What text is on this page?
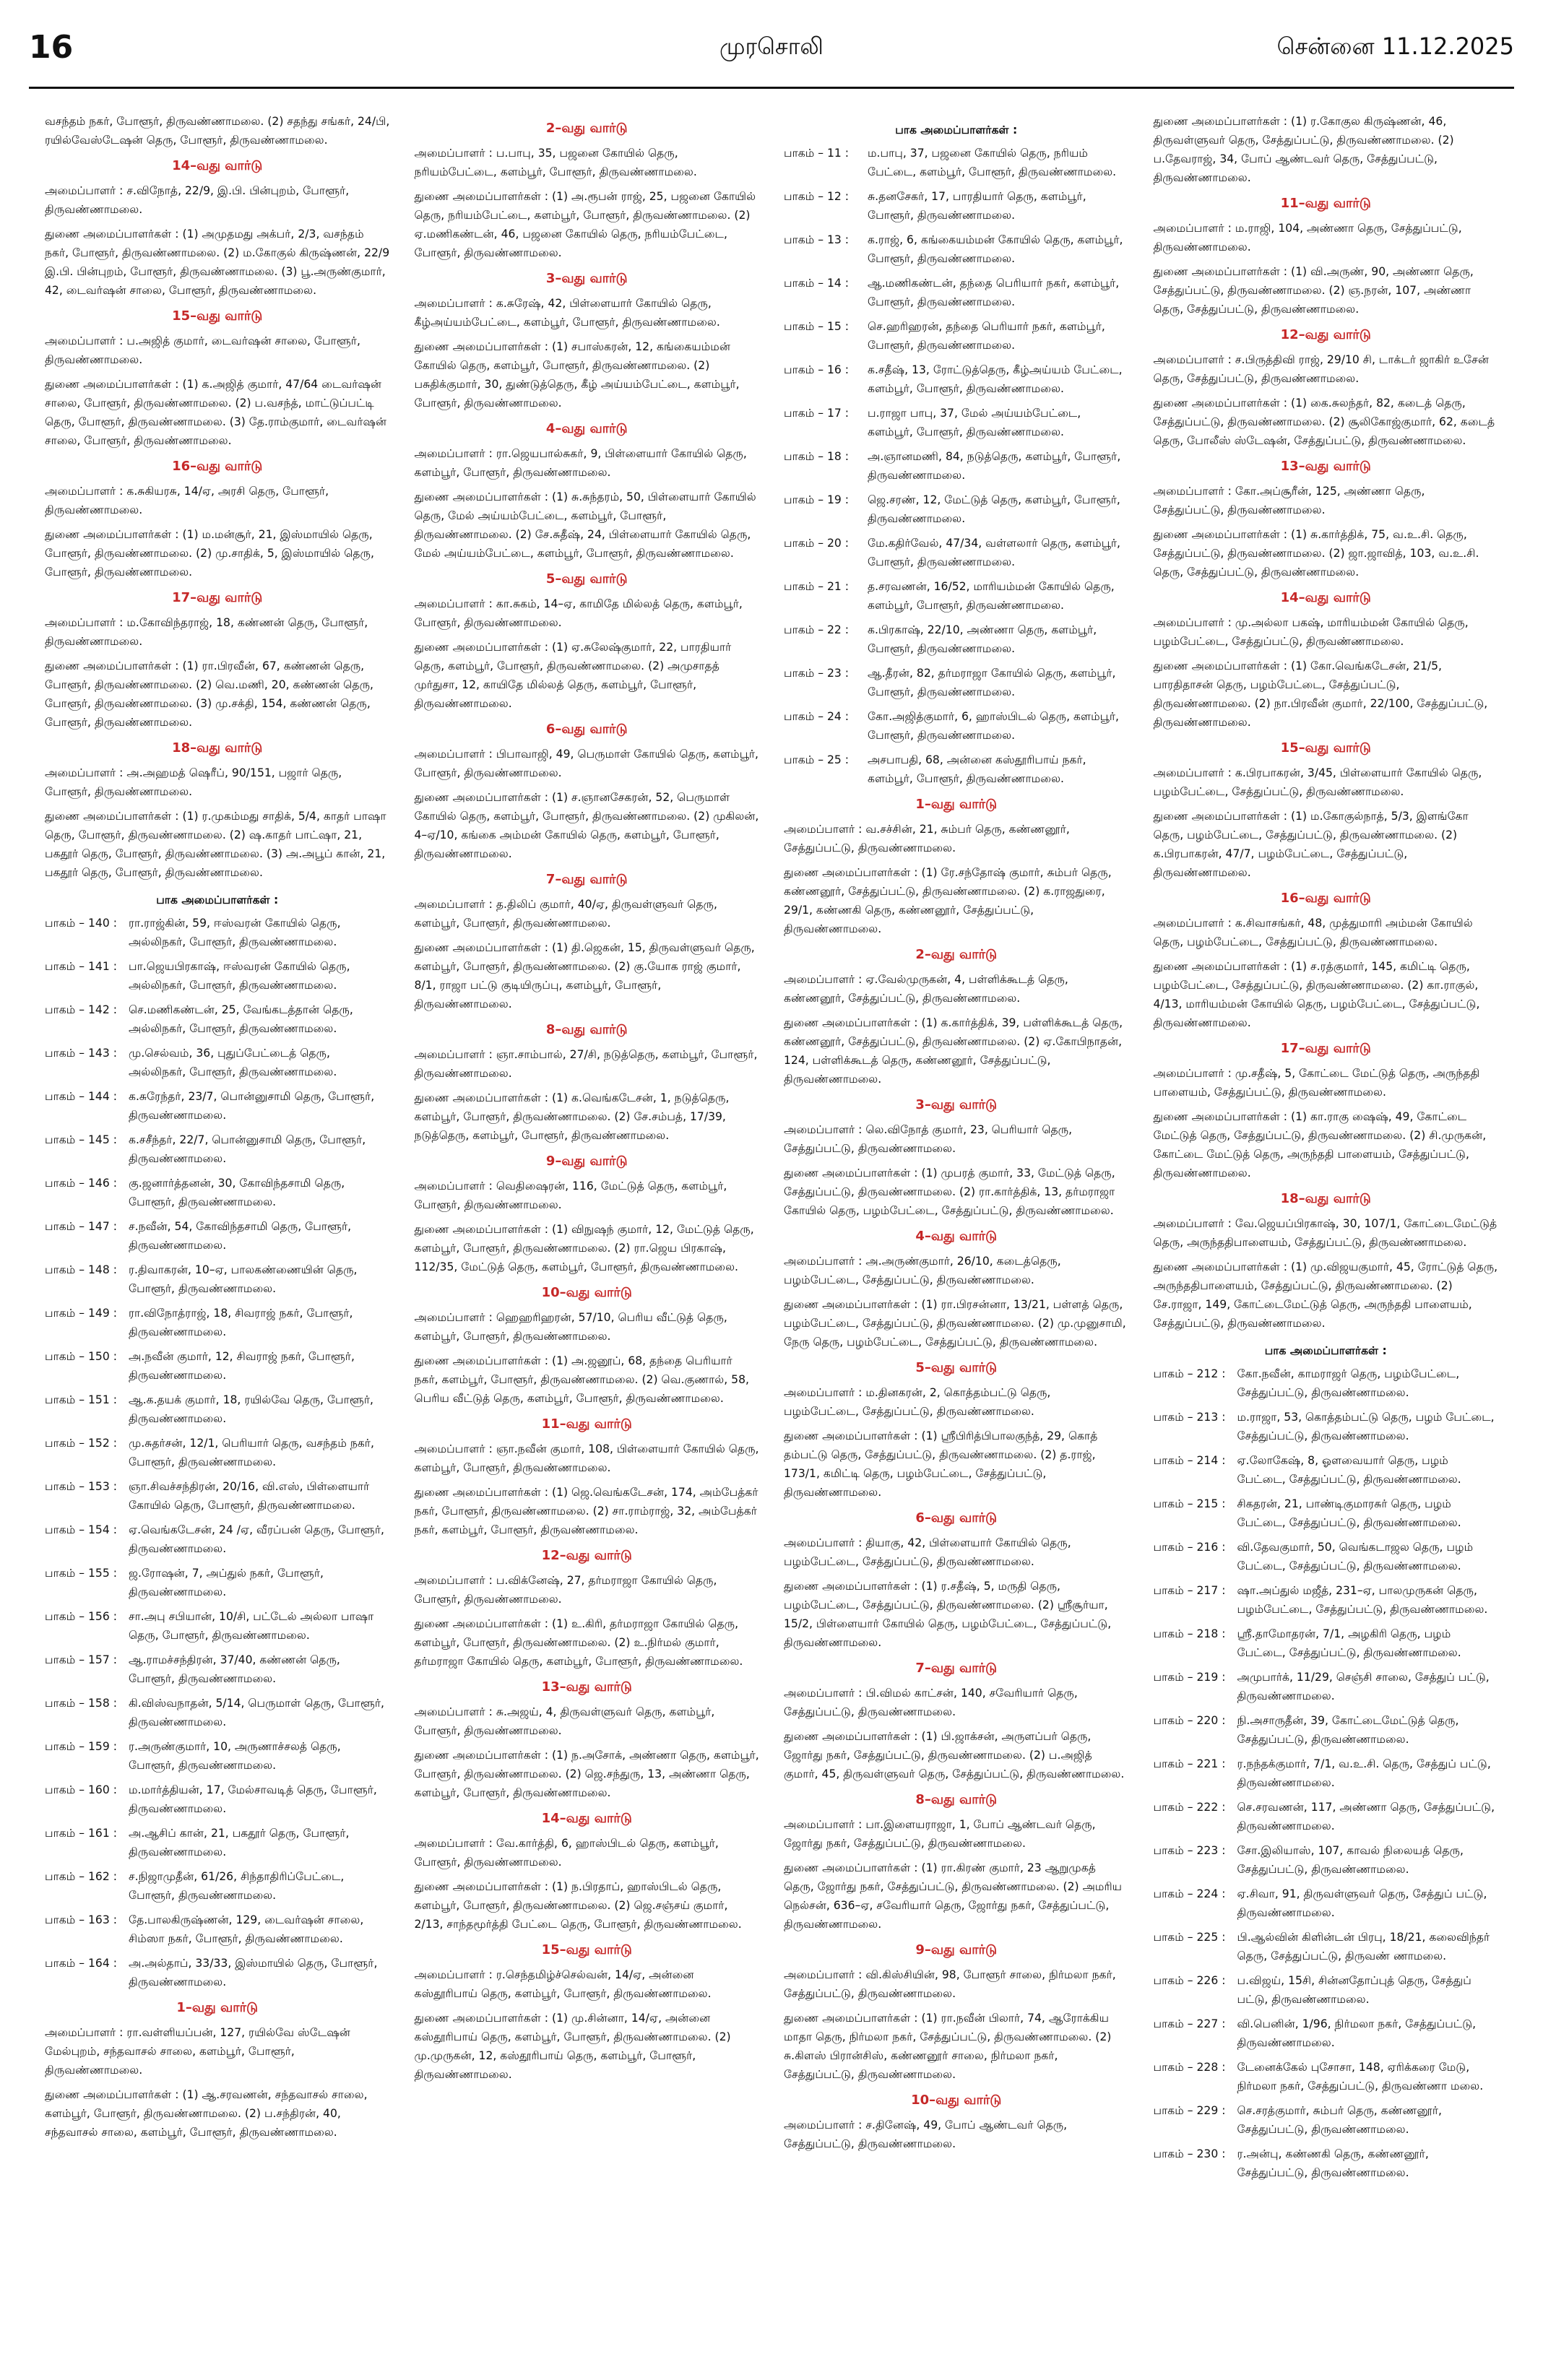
16	முரசொலி	சென்னை 11.12.2025

வசந்தம் நகர், போளூர், திருவண்ணாமலை. (2) சதந்து சங்கர், 24/பி, ரயில்வேஸ்டேஷன் தெரு, போளூர், திருவண்ணாமலை.

14–வது வார்டு

அமைப்பாளர் : ச.விநோத், 22/9, இ.பி. பின்புறம், போளூர், திருவண்ணாமலை.

துணை அமைப்பாளர்கள் : (1) அமுதமது அக்பர், 2/3, வசந்தம் நகர், போளூர், திருவண்ணாமலை. (2) ம.கோகுல் கிருஷ்ணன், 22/9 இ.பி. பின்புறம், போளூர், திருவண்ணாமலை. (3) பூ.அருண்குமார், 42, டைவர்ஷன் சாலை, போளூர், திருவண்ணாமலை.

15–வது வார்டு

அமைப்பாளர் : ப.அஜித் குமார், டைவர்ஷன் சாலை, போளூர், திருவண்ணாமலை.

துணை அமைப்பாளர்கள் : (1) க.அஜித் குமார், 47/64 டைவர்ஷன் சாலை, போளூர், திருவண்ணாமலை. (2) ப.வசந்த், மாட்டுப்பட்டி தெரு, போளூர், திருவண்ணாமலை. (3) தே.ராம்குமார், டைவர்ஷன் சாலை, போளூர், திருவண்ணாமலை.

16–வது வார்டு

அமைப்பாளர் : க.சுகியரசு, 14/ஏ, அரசி தெரு, போளூர், திருவண்ணாமலை.

துணை அமைப்பாளர்கள் : (1) ம.மன்சூர், 21, இஸ்மாயில் தெரு, போளூர், திருவண்ணாமலை. (2) மு.சாதிக், 5, இஸ்மாயில் தெரு, போளூர், திருவண்ணாமலை.

17–வது வார்டு

அமைப்பாளர் : ம.கோவிந்தராஜ், 18, கண்ணன் தெரு, போளூர், திருவண்ணாமலை.

துணை அமைப்பாளர்கள் : (1) ரா.பிரவீன், 67, கண்ணன் தெரு, போளூர், திருவண்ணாமலை. (2) வெ.மணி, 20, கண்ணன் தெரு, போளூர், திருவண்ணாமலை. (3) மு.சக்தி, 154, கண்ணன் தெரு, போளூர், திருவண்ணாமலை.

18–வது வார்டு

அமைப்பாளர் : அ.அஹமத் ஷெரீப், 90/151, பஜார் தெரு, போளூர், திருவண்ணாமலை.

துணை அமைப்பாளர்கள் : (1) ர.முகம்மது சாதிக், 5/4, காதர் பாஷா தெரு, போளூர், திருவண்ணாமலை. (2) ஷ.காதர் பாட்ஷா, 21, பகதூர் தெரு, போளூர், திருவண்ணாமலை. (3) அ.அபூப் கான், 21, பகதூர் தெரு, போளூர், திருவண்ணாமலை.

பாக அமைப்பாளர்கள் :
பாகம் – 140 :	ரா.ராஜ்கின், 59, ஈஸ்வரன் கோயில் தெரு, அல்லிநகர், போளூர், திருவண்ணாமலை.
பாகம் – 141 :	பா.ஜெயபிரகாஷ், ஈஸ்வரன் கோயில் தெரு, அல்லிநகர், போளூர், திருவண்ணாமலை.
பாகம் – 142 :	செ.மணிகண்டன், 25, வேங்கடத்தான் தெரு, அல்லிநகர், போளூர், திருவண்ணாமலை.
பாகம் – 143 :	மு.செல்வம், 36, புதுப்பேட்டைத் தெரு, அல்லிநகர், போளூர், திருவண்ணாமலை.
பாகம் – 144 :	க.சுரேந்தர், 23/7, பொன்னுசாமி தெரு, போளூர், திருவண்ணாமலை.
பாகம் – 145 :	க.சசீந்தர், 22/7, பொன்னுசாமி தெரு, போளூர், திருவண்ணாமலை.
பாகம் – 146 :	கு.ஜனார்த்தனன், 30, கோவிந்தசாமி தெரு, போளூர், திருவண்ணாமலை.
பாகம் – 147 :	ச.நவீன், 54, கோவிந்தசாமி தெரு, போளூர், திருவண்ணாமலை.
பாகம் – 148 :	ர.திவாகரன், 10–ஏ, பாலகண்ணையின் தெரு, போளூர், திருவண்ணாமலை.
பாகம் – 149 :	ரா.விநோத்ராஜ், 18, சிவராஜ் நகர், போளூர், திருவண்ணாமலை.
பாகம் – 150 :	அ.நவீன் குமார், 12, சிவராஜ் நகர், போளூர், திருவண்ணாமலை.
பாகம் – 151 :	ஆ.க.தயக் குமார், 18, ரயில்வே தெரு, போளூர், திருவண்ணாமலை.
பாகம் – 152 :	மு.சுதர்சன், 12/1, பெரியார் தெரு, வசந்தம் நகர், போளூர், திருவண்ணாமலை.
பாகம் – 153 :	ஞா.சிவச்சந்திரன், 20/16, வி.எஸ், பிள்ளையார் கோயில் தெரு, போளூர், திருவண்ணாமலை.
பாகம் – 154 :	ஏ.வெங்கடேசன், 24 /ஏ, வீரப்பன் தெரு, போளூர், திருவண்ணாமலை.
பாகம் – 155 :	ஜ.ரோஷன், 7, அப்துல் நகர், போளூர், திருவண்ணாமலை.
பாகம் – 156 :	சா.அபு சபியான், 10/சி, பட்டேல் அல்லா பாஷா தெரு, போளூர், திருவண்ணாமலை.
பாகம் – 157 :	ஆ.ராமச்சந்திரன், 37/40, கண்ணன் தெரு, போளூர், திருவண்ணாமலை.
பாகம் – 158 :	கி.விஸ்வநாதன், 5/14, பெருமாள் தெரு, போளூர், திருவண்ணாமலை.
பாகம் – 159 :	ர.அருண்குமார், 10, அருணாச்சலத் தெரு, போளூர், திருவண்ணாமலை.
பாகம் – 160 :	ம.மார்த்தியன், 17, மேல்சாவடித் தெரு, போளூர், திருவண்ணாமலை.
பாகம் – 161 :	அ.ஆசிப் கான், 21, பகதூர் தெரு, போளூர், திருவண்ணாமலை.
பாகம் – 162 :	ச.நிஜாமுதீன், 61/26, சிந்தாதிரிப்பேட்டை, போளூர், திருவண்ணாமலை.
பாகம் – 163 :	தே.பாலகிருஷ்ணன், 129, டைவர்ஷன் சாலை, சிம்ஸா நகர், போளூர், திருவண்ணாமலை.
பாகம் – 164 :	அ.அல்தாப், 33/33, இஸ்மாயில் தெரு, போளூர், திருவண்ணாமலை.
1–வது வார்டு

அமைப்பாளர் : ரா.வள்ளியப்பன், 127, ரயில்வே ஸ்டேஷன் மேல்புறம், சந்தவாசல் சாலை, களம்பூர், போளூர், திருவண்ணாமலை.

துணை அமைப்பாளர்கள் : (1) ஆ.சரவணன், சந்தவாசல் சாலை, களம்பூர், போளூர், திருவண்ணாமலை. (2) ப.சந்திரன், 40, சந்தவாசல் சாலை, களம்பூர், போளூர், திருவண்ணாமலை.

2–வது வார்டு

அமைப்பாளர் : ப.பாபு, 35, பஜனை கோயில் தெரு, நரியம்பேட்டை, களம்பூர், போளூர், திருவண்ணாமலை.

துணை அமைப்பாளர்கள் : (1) அ.ரூபன் ராஜ், 25, பஜனை கோயில் தெரு, நரியம்பேட்டை, களம்பூர், போளூர், திருவண்ணாமலை. (2) ஏ.மணிகண்டன், 46, பஜனை கோயில் தெரு, நரியம்பேட்டை, போளூர், திருவண்ணாமலை.

3–வது வார்டு

அமைப்பாளர் : க.சுரேஷ், 42, பிள்ளையார் கோயில் தெரு, கீழ்அய்யம்பேட்டை, களம்பூர், போளூர், திருவண்ணாமலை.

துணை அமைப்பாளர்கள் : (1) சபாஸ்கரன், 12, கங்கையம்மன் கோயில் தெரு, களம்பூர், போளூர், திருவண்ணாமலை. (2) பசுதிக்குமார், 30, துண்டுத்தெரு, கீழ் அய்யம்பேட்டை, களம்பூர், போளூர், திருவண்ணாமலை.

4–வது வார்டு

அமைப்பாளர் : ரா.ஜெயபால்சுகர், 9, பிள்ளையார் கோயில் தெரு, களம்பூர், போளூர், திருவண்ணாமலை.

துணை அமைப்பாளர்கள் : (1) சு.சுந்தரம், 50, பிள்ளையார் கோயில் தெரு, மேல் அய்யம்பேட்டை, களம்பூர், போளூர், திருவண்ணாமலை. (2) சே.சுதீஷ், 24, பிள்ளையார் கோயில் தெரு, மேல் அய்யம்பேட்டை, களம்பூர், போளூர், திருவண்ணாமலை.

5–வது வார்டு

அமைப்பாளர் : கா.சுகம், 14–ஏ, காமிதே மில்லத் தெரு, களம்பூர், போளூர், திருவண்ணாமலை.

துணை அமைப்பாளர்கள் : (1) ஏ.சுலேஷ்குமார், 22, பாரதியார் தெரு, களம்பூர், போளூர், திருவண்ணாமலை. (2) அமுசாதத் முர்துசா, 12, காயிதே மில்லத் தெரு, களம்பூர், போளூர், திருவண்ணாமலை.

6–வது வார்டு

அமைப்பாளர் : பிபாவாஜி, 49, பெருமாள் கோயில் தெரு, களம்பூர், போளூர், திருவண்ணாமலை.

துணை அமைப்பாளர்கள் : (1) ச.ஞானசேகரன், 52, பெருமாள் கோயில் தெரு, களம்பூர், போளூர், திருவண்ணாமலை. (2) முகிலன், 4–ஏ/10, கங்கை அம்மன் கோயில் தெரு, களம்பூர், போளூர், திருவண்ணாமலை.

7–வது வார்டு

அமைப்பாளர் : த.திலிப் குமார், 40/ஏ, திருவள்ளுவர் தெரு, களம்பூர், போளூர், திருவண்ணாமலை.

துணை அமைப்பாளர்கள் : (1) தி.ஜெகன், 15, திருவள்ளுவர் தெரு, களம்பூர், போளூர், திருவண்ணாமலை. (2) கு.யோக ராஜ் குமார், 8/1, ராஜா பட்டு குடியிருப்பு, களம்பூர், போளூர், திருவண்ணாமலை.

8–வது வார்டு

அமைப்பாளர் : ஞா.சாம்பால், 27/சி, நடுத்தெரு, களம்பூர், போளூர், திருவண்ணாமலை.

துணை அமைப்பாளர்கள் : (1) க.வெங்கடேசன், 1, நடுத்தெரு, களம்பூர், போளூர், திருவண்ணாமலை. (2) சே.சம்பத், 17/39, நடுத்தெரு, களம்பூர், போளூர், திருவண்ணாமலை.

9–வது வார்டு

அமைப்பாளர் : வெதிஷைரன், 116, மேட்டுத் தெரு, களம்பூர், போளூர், திருவண்ணாமலை.

துணை அமைப்பாளர்கள் : (1) விநுஷந் குமார், 12, மேட்டுத் தெரு, களம்பூர், போளூர், திருவண்ணாமலை. (2) ரா.ஜெய பிரகாஷ், 112/35, மேட்டுத் தெரு, களம்பூர், போளூர், திருவண்ணாமலை.

10–வது வார்டு

அமைப்பாளர் : ஹெஹரிஹரன், 57/10, பெரிய வீட்டுத் தெரு, களம்பூர், போளூர், திருவண்ணாமலை.

துணை அமைப்பாளர்கள் : (1) அ.ஜனூப், 68, தந்தை பெரியார் நகர், களம்பூர், போளூர், திருவண்ணாமலை. (2) வெ.குணால், 58, பெரிய வீட்டுத் தெரு, களம்பூர், போளூர், திருவண்ணாமலை.

11–வது வார்டு

அமைப்பாளர் : ஞா.நவீன் குமார், 108, பிள்ளையார் கோயில் தெரு, களம்பூர், போளூர், திருவண்ணாமலை.

துணை அமைப்பாளர்கள் : (1) ஜெ.வெங்கடேசன், 174, அம்பேத்கர் நகர், போளூர், திருவண்ணாமலை. (2) சா.ராம்ராஜ், 32, அம்பேத்கர் நகர், களம்பூர், போளூர், திருவண்ணாமலை.

12–வது வார்டு

அமைப்பாளர் : ப.விக்னேஷ், 27, தர்மராஜா கோயில் தெரு, போளூர், திருவண்ணாமலை.

துணை அமைப்பாளர்கள் : (1) உ.கிரி, தர்மராஜா கோயில் தெரு, களம்பூர், போளூர், திருவண்ணாமலை. (2) உ.நிர்மல் குமார், தர்மராஜா கோயில் தெரு, களம்பூர், போளூர், திருவண்ணாமலை.

13–வது வார்டு

அமைப்பாளர் : சு.அஜய், 4, திருவள்ளுவர் தெரு, களம்பூர், போளூர், திருவண்ணாமலை.

துணை அமைப்பாளர்கள் : (1) ந.அசோக், அண்ணா தெரு, களம்பூர், போளூர், திருவண்ணாமலை. (2) ஜெ.சந்துரு, 13, அண்ணா தெரு, களம்பூர், போளூர், திருவண்ணாமலை.

14–வது வார்டு

அமைப்பாளர் : வே.கார்த்தி, 6, ஹாஸ்பிடல் தெரு, களம்பூர், போளூர், திருவண்ணாமலை.

துணை அமைப்பாளர்கள் : (1) ந.பிரதாப், ஹாஸ்பிடல் தெரு, களம்பூர், போளூர், திருவண்ணாமலை. (2) ஜெ.சஞ்சய் குமார், 2/13, சாந்தமூர்த்தி பேட்டை தெரு, போளூர், திருவண்ணாமலை.

15–வது வார்டு

அமைப்பாளர் : ர.செந்தமிழ்ச்செல்வன், 14/ஏ, அன்னை கஸ்தூரிபாய் தெரு, களம்பூர், போளூர், திருவண்ணாமலை.

துணை அமைப்பாளர்கள் : (1) மு.சின்னா, 14/ஏ, அன்னை கஸ்தூரிபாய் தெரு, களம்பூர், போளூர், திருவண்ணாமலை. (2) மு.முருகன், 12, கஸ்தூரிபாய் தெரு, களம்பூர், போளூர், திருவண்ணாமலை.

பாக அமைப்பாளர்கள் :
பாகம் – 11 :	ம.பாபு, 37, பஜனை கோயில் தெரு, நரியம் பேட்டை, களம்பூர், போளூர், திருவண்ணாமலை.
பாகம் – 12 :	சு.தனசேகர், 17, பாரதியார் தெரு, களம்பூர், போளூர், திருவண்ணாமலை.
பாகம் – 13 :	க.ராஜ், 6, கங்கையம்மன் கோயில் தெரு, களம்பூர், போளூர், திருவண்ணாமலை.
பாகம் – 14 :	ஆ.மணிகண்டன், தந்தை பெரியார் நகர், களம்பூர், போளூர், திருவண்ணாமலை.
பாகம் – 15 :	செ.ஹரிஹரன், தந்தை பெரியார் நகர், களம்பூர், போளூர், திருவண்ணாமலை.
பாகம் – 16 :	க.சதீஷ், 13, ரோட்டுத்தெரு, கீழ்அய்யம் பேட்டை, களம்பூர், போளூர், திருவண்ணாமலை.
பாகம் – 17 :	ப.ராஜா பாபு, 37, மேல் அய்யம்பேட்டை, களம்பூர், போளூர், திருவண்ணாமலை.
பாகம் – 18 :	அ.ஞானமணி, 84, நடுத்தெரு, களம்பூர், போளூர், திருவண்ணாமலை.
பாகம் – 19 :	ஜெ.சரண், 12, மேட்டுத் தெரு, களம்பூர், போளூர், திருவண்ணாமலை.
பாகம் – 20 :	மே.கதிர்வேல், 47/34, வள்ளலார் தெரு, களம்பூர், போளூர், திருவண்ணாமலை.
பாகம் – 21 :	த.சரவணன், 16/52, மாரியம்மன் கோயில் தெரு, களம்பூர், போளூர், திருவண்ணாமலை.
பாகம் – 22 :	க.பிரகாஷ், 22/10, அண்ணா தெரு, களம்பூர், போளூர், திருவண்ணாமலை.
பாகம் – 23 :	ஆ.தீரன், 82, தர்மராஜா கோயில் தெரு, களம்பூர், போளூர், திருவண்ணாமலை.
பாகம் – 24 :	கோ.அஜித்குமார், 6, ஹாஸ்பிடல் தெரு, களம்பூர், போளூர், திருவண்ணாமலை.
பாகம் – 25 :	அசபாபதி, 68, அன்னை கஸ்தூரிபாய் நகர், களம்பூர், போளூர், திருவண்ணாமலை.
1–வது வார்டு

அமைப்பாளர் : வ.சச்சின், 21, சும்பர் தெரு, கண்ணனூர், சேத்துப்பட்டு, திருவண்ணாமலை.

துணை அமைப்பாளர்கள் : (1) ரே.சந்தோஷ் குமார், சும்பர் தெரு, கண்ணனூர், சேத்துப்பட்டு, திருவண்ணாமலை. (2) க.ராஜதுரை, 29/1, கண்ணகி தெரு, கண்ணனூர், சேத்துப்பட்டு, திருவண்ணாமலை.

2–வது வார்டு

அமைப்பாளர் : ஏ.வேல்முருகன், 4, பள்ளிக்கூடத் தெரு, கண்ணனூர், சேத்துப்பட்டு, திருவண்ணாமலை.

துணை அமைப்பாளர்கள் : (1) க.கார்த்திக், 39, பள்ளிக்கூடத் தெரு, கண்ணனூர், சேத்துப்பட்டு, திருவண்ணாமலை. (2) ஏ.கோபிநாதன், 124, பள்ளிக்கூடத் தெரு, கண்ணனூர், சேத்துப்பட்டு, திருவண்ணாமலை.

3–வது வார்டு

அமைப்பாளர் : லெ.விநோத் குமார், 23, பெரியார் தெரு, சேத்துப்பட்டு, திருவண்ணாமலை.

துணை அமைப்பாளர்கள் : (1) முபரத் குமார், 33, மேட்டுத் தெரு, சேத்துப்பட்டு, திருவண்ணாமலை. (2) ரா.கார்த்திக், 13, தர்மராஜா கோயில் தெரு, பழம்பேட்டை, சேத்துப்பட்டு, திருவண்ணாமலை.

4–வது வார்டு

அமைப்பாளர் : அ.அருண்குமார், 26/10, கடைத்தெரு, பழம்பேட்டை, சேத்துப்பட்டு, திருவண்ணாமலை.

துணை அமைப்பாளர்கள் : (1) ரா.பிரசன்னா, 13/21, பள்ளத் தெரு, பழம்பேட்டை, சேத்துப்பட்டு, திருவண்ணாமலை. (2) மு.முனுசாமி, நேரு தெரு, பழம்பேட்டை, சேத்துப்பட்டு, திருவண்ணாமலை.

5–வது வார்டு

அமைப்பாளர் : ம.தினகரன், 2, கொத்தம்பட்டு தெரு, பழம்பேட்டை, சேத்துப்பட்டு, திருவண்ணாமலை.

துணை அமைப்பாளர்கள் : (1) ஸ்ரீபிரித்பிபாலகுந்த், 29, கொத் தம்பட்டு தெரு, சேத்துப்பட்டு, திருவண்ணாமலை. (2) த.ராஜ், 173/1, கமிட்டி தெரு, பழம்பேட்டை, சேத்துப்பட்டு, திருவண்ணாமலை.

6–வது வார்டு

அமைப்பாளர் : தியாகு, 42, பிள்ளையார் கோயில் தெரு, பழம்பேட்டை, சேத்துப்பட்டு, திருவண்ணாமலை.

துணை அமைப்பாளர்கள் : (1) ர.சதீஷ், 5, மருதி தெரு, பழம்பேட்டை, சேத்துப்பட்டு, திருவண்ணாமலை. (2) ஸ்ரீசூர்யா, 15/2, பிள்ளையார் கோயில் தெரு, பழம்பேட்டை, சேத்துப்பட்டு, திருவண்ணாமலை.

7–வது வார்டு

அமைப்பாளர் : பி.விமல் காட்சன், 140, சவேரியார் தெரு, சேத்துப்பட்டு, திருவண்ணாமலை.

துணை அமைப்பாளர்கள் : (1) பி.ஜாக்சன், அருளப்பர் தெரு, ஜோர்து நகர், சேத்துப்பட்டு, திருவண்ணாமலை. (2) ப.அஜித் குமார், 45, திருவள்ளுவர் தெரு, சேத்துப்பட்டு, திருவண்ணாமலை.

8–வது வார்டு

அமைப்பாளர் : பா.இளையராஜா, 1, போப் ஆண்டவர் தெரு, ஜோர்து நகர், சேத்துப்பட்டு, திருவண்ணாமலை.

துணை அமைப்பாளர்கள் : (1) ரா.கிரண் குமார், 23 ஆறுமுகத் தெரு, ஜோர்து நகர், சேத்துப்பட்டு, திருவண்ணாமலை. (2) அமரிய நெல்சன், 636–ஏ, சவேரியார் தெரு, ஜோர்து நகர், சேத்துப்பட்டு, திருவண்ணாமலை.

9–வது வார்டு

அமைப்பாளர் : வி.கிஸ்சியின், 98, போளூர் சாலை, நிர்மலா நகர், சேத்துப்பட்டு, திருவண்ணாமலை.

துணை அமைப்பாளர்கள் : (1) ரா.நவீன் பிலார், 74, ஆரோக்கிய மாதா தெரு, நிர்மலா நகர், சேத்துப்பட்டு, திருவண்ணாமலை. (2) சு.கிளஸ் பிரான்சிஸ், கண்ணனூர் சாலை, நிர்மலா நகர், சேத்துப்பட்டு, திருவண்ணாமலை.

10–வது வார்டு

அமைப்பாளர் : ச.தினேஷ், 49, போப் ஆண்டவர் தெரு, சேத்துப்பட்டு, திருவண்ணாமலை.

துணை அமைப்பாளர்கள் : (1) ர.கோகுல கிருஷ்ணன், 46, திருவள்ளுவர் தெரு, சேத்துப்பட்டு, திருவண்ணாமலை. (2) ப.தேவராஜ், 34, போப் ஆண்டவர் தெரு, சேத்துப்பட்டு, திருவண்ணாமலை.

11–வது வார்டு

அமைப்பாளர் : ம.ராஜி, 104, அண்ணா தெரு, சேத்துப்பட்டு, திருவண்ணாமலை.

துணை அமைப்பாளர்கள் : (1) வி.அருண், 90, அண்ணா தெரு, சேத்துப்பட்டு, திருவண்ணாமலை. (2) ஞ.நரன், 107, அண்ணா தெரு, சேத்துப்பட்டு, திருவண்ணாமலை.

12–வது வார்டு

அமைப்பாளர் : ச.பிருத்திவி ராஜ், 29/10 சி, டாக்டர் ஜாகிர் உசேன் தெரு, சேத்துப்பட்டு, திருவண்ணாமலை.

துணை அமைப்பாளர்கள் : (1) கை.சுலந்தர், 82, கடைத் தெரு, சேத்துப்பட்டு, திருவண்ணாமலை. (2) சூலிகோஜ்குமார், 62, கடைத் தெரு, போலீஸ் ஸ்டேஷன், சேத்துப்பட்டு, திருவண்ணாமலை.

13–வது வார்டு

அமைப்பாளர் : கோ.அப்சூரீன், 125, அண்ணா தெரு, சேத்துப்பட்டு, திருவண்ணாமலை.

துணை அமைப்பாளர்கள் : (1) சு.கார்த்திக், 75, வ.உ.சி. தெரு, சேத்துப்பட்டு, திருவண்ணாமலை. (2) ஜா.ஜாவித், 103, வ.உ.சி. தெரு, சேத்துப்பட்டு, திருவண்ணாமலை.

14–வது வார்டு

அமைப்பாளர் : மு.அல்லா பகஷ், மாரியம்மன் கோயில் தெரு, பழம்பேட்டை, சேத்துப்பட்டு, திருவண்ணாமலை.

துணை அமைப்பாளர்கள் : (1) கோ.வெங்கடேசன், 21/5, பாரதிதாசன் தெரு, பழம்பேட்டை, சேத்துப்பட்டு, திருவண்ணாமலை. (2) நா.பிரவீன் குமார், 22/100, சேத்துப்பட்டு, திருவண்ணாமலை.

15–வது வார்டு

அமைப்பாளர் : க.பிரபாகரன், 3/45, பிள்ளையார் கோயில் தெரு, பழம்பேட்டை, சேத்துப்பட்டு, திருவண்ணாமலை.

துணை அமைப்பாளர்கள் : (1) ம.கோகுல்நாத், 5/3, இளங்கோ தெரு, பழம்பேட்டை, சேத்துப்பட்டு, திருவண்ணாமலை. (2) க.பிரபாகரன், 47/7, பழம்பேட்டை, சேத்துப்பட்டு, திருவண்ணாமலை.

16–வது வார்டு

அமைப்பாளர் : க.சிவாசங்கர், 48, முத்துமாரி அம்மன் கோயில் தெரு, பழம்பேட்டை, சேத்துப்பட்டு, திருவண்ணாமலை.

துணை அமைப்பாளர்கள் : (1) ச.ரத்குமார், 145, கமிட்டி தெரு, பழம்பேட்டை, சேத்துப்பட்டு, திருவண்ணாமலை. (2) கா.ராகுல், 4/13, மாரியம்மன் கோயில் தெரு, பழம்பேட்டை, சேத்துப்பட்டு, திருவண்ணாமலை.

17–வது வார்டு

அமைப்பாளர் : மு.சதீஷ், 5, கோட்டை மேட்டுத் தெரு, அருந்ததி பாளையம், சேத்துப்பட்டு, திருவண்ணாமலை.

துணை அமைப்பாளர்கள் : (1) கா.ராகு ஷைஷ், 49, கோட்டை மேட்டுத் தெரு, சேத்துப்பட்டு, திருவண்ணாமலை. (2) சி.முருகன், கோட்டை மேட்டுத் தெரு, அருந்ததி பாளையம், சேத்துப்பட்டு, திருவண்ணாமலை.

18–வது வார்டு

அமைப்பாளர் : வே.ஜெயப்பிரகாஷ், 30, 107/1, கோட்டைமேட்டுத் தெரு, அருந்ததிபாளையம், சேத்துப்பட்டு, திருவண்ணாமலை.

துணை அமைப்பாளர்கள் : (1) மு.விஜயகுமார், 45, ரோட்டுத் தெரு, அருந்ததிபாளையம், சேத்துப்பட்டு, திருவண்ணாமலை. (2) சே.ராஜா, 149, கோட்டைமேட்டுத் தெரு, அருந்ததி பாளையம், சேத்துப்பட்டு, திருவண்ணாமலை.

பாக அமைப்பாளர்கள் :
பாகம் – 212 :	கோ.நவீன், காமராஜர் தெரு, பழம்பேட்டை, சேத்துப்பட்டு, திருவண்ணாமலை.
பாகம் – 213 :	ம.ராஜா, 53, கொத்தம்பட்டு தெரு, பழம் பேட்டை, சேத்துப்பட்டு, திருவண்ணாமலை.
பாகம் – 214 :	ஏ.லோகேஷ், 8, ஓளவையார் தெரு, பழம் பேட்டை, சேத்துப்பட்டு, திருவண்ணாமலை.
பாகம் – 215 :	சிகதரன், 21, பாண்டிகுமாரசுர் தெரு, பழம் பேட்டை, சேத்துப்பட்டு, திருவண்ணாமலை.
பாகம் – 216 :	வி.தேவகுமார், 50, வெங்கடாஜல தெரு, பழம் பேட்டை, சேத்துப்பட்டு, திருவண்ணாமலை.
பாகம் – 217 :	ஷா.அப்துல் மஜீத், 231–ஏ, பாலமுருகன் தெரு, பழம்பேட்டை, சேத்துப்பட்டு, திருவண்ணாமலை.
பாகம் – 218 :	ஸ்ரீ.தாமோதரன், 7/1, அழகிரி தெரு, பழம் பேட்டை, சேத்துப்பட்டு, திருவண்ணாமலை.
பாகம் – 219 :	அமுபார்க், 11/29, செஞ்சி சாலை, சேத்துப் பட்டு, திருவண்ணாமலை.
பாகம் – 220 :	நி.அசாருதீன், 39, கோட்டைமேட்டுத் தெரு, சேத்துப்பட்டு, திருவண்ணாமலை.
பாகம் – 221 :	ர.நந்தக்குமார், 7/1, வ.உ.சி. தெரு, சேத்துப் பட்டு, திருவண்ணாமலை.
பாகம் – 222 :	செ.சரவணன், 117, அண்ணா தெரு, சேத்துப்பட்டு, திருவண்ணாமலை.
பாகம் – 223 :	சோ.இலியாஸ், 107, காவல் நிலையத் தெரு, சேத்துப்பட்டு, திருவண்ணாமலை.
பாகம் – 224 :	ஏ.சிவா, 91, திருவள்ளுவர் தெரு, சேத்துப் பட்டு, திருவண்ணாமலை.
பாகம் – 225 :	பி.ஆல்வின் கிளின்டன் பிரபு, 18/21, கலைவிந்தர் தெரு, சேத்துப்பட்டு, திருவண் ணாமலை.
பாகம் – 226 :	ப.விஜய், 15சி, சின்னதோப்புத் தெரு, சேத்துப் பட்டு, திருவண்ணாமலை.
பாகம் – 227 :	வி.பெனின், 1/96, நிர்மலா நகர், சேத்துப்பட்டு, திருவண்ணாமலை.
பாகம் – 228 :	டேனைக்கேல் புசோசா, 148, ஏரிக்கரை மேடு, நிர்மலா நகர், சேத்துப்பட்டு, திருவண்ணா மலை.
பாகம் – 229 :	செ.சரத்குமார், சும்பர் தெரு, கண்ணனூர், சேத்துப்பட்டு, திருவண்ணாமலை.
பாகம் – 230 :	ர.அன்பு, கண்ணகி தெரு, கண்ணனூர், சேத்துப்பட்டு, திருவண்ணாமலை.
